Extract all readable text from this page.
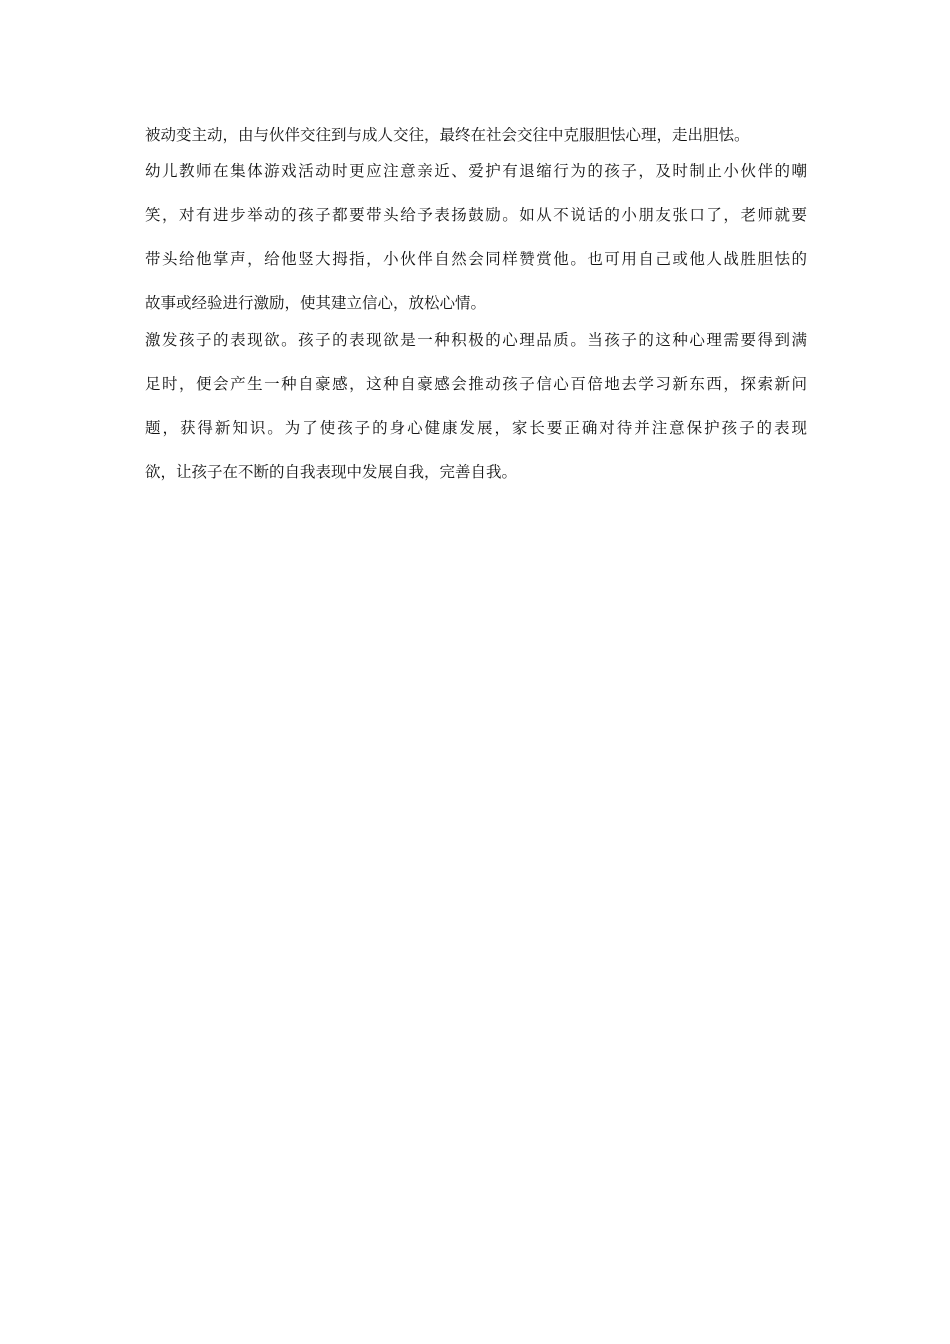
被动变主动，由与伙伴交往到与成人交往，最终在社会交往中克服胆怯心理，走出胆怯。
幼儿教师在集体游戏活动时更应注意亲近、爱护有退缩行为的孩子，及时制止小伙伴的嘲
笑，对有进步举动的孩子都要带头给予表扬鼓励。如从不说话的小朋友张口了，老师就要
带头给他掌声，给他竖大拇指，小伙伴自然会同样赞赏他。也可用自己或他人战胜胆怯的
故事或经验进行激励，使其建立信心，放松心情。
激发孩子的表现欲。孩子的表现欲是一种积极的心理品质。当孩子的这种心理需要得到满
足时，便会产生一种自豪感，这种自豪感会推动孩子信心百倍地去学习新东西，探索新问
题，获得新知识。为了使孩子的身心健康发展，家长要正确对待并注意保护孩子的表现
欲，让孩子在不断的自我表现中发展自我，完善自我。
